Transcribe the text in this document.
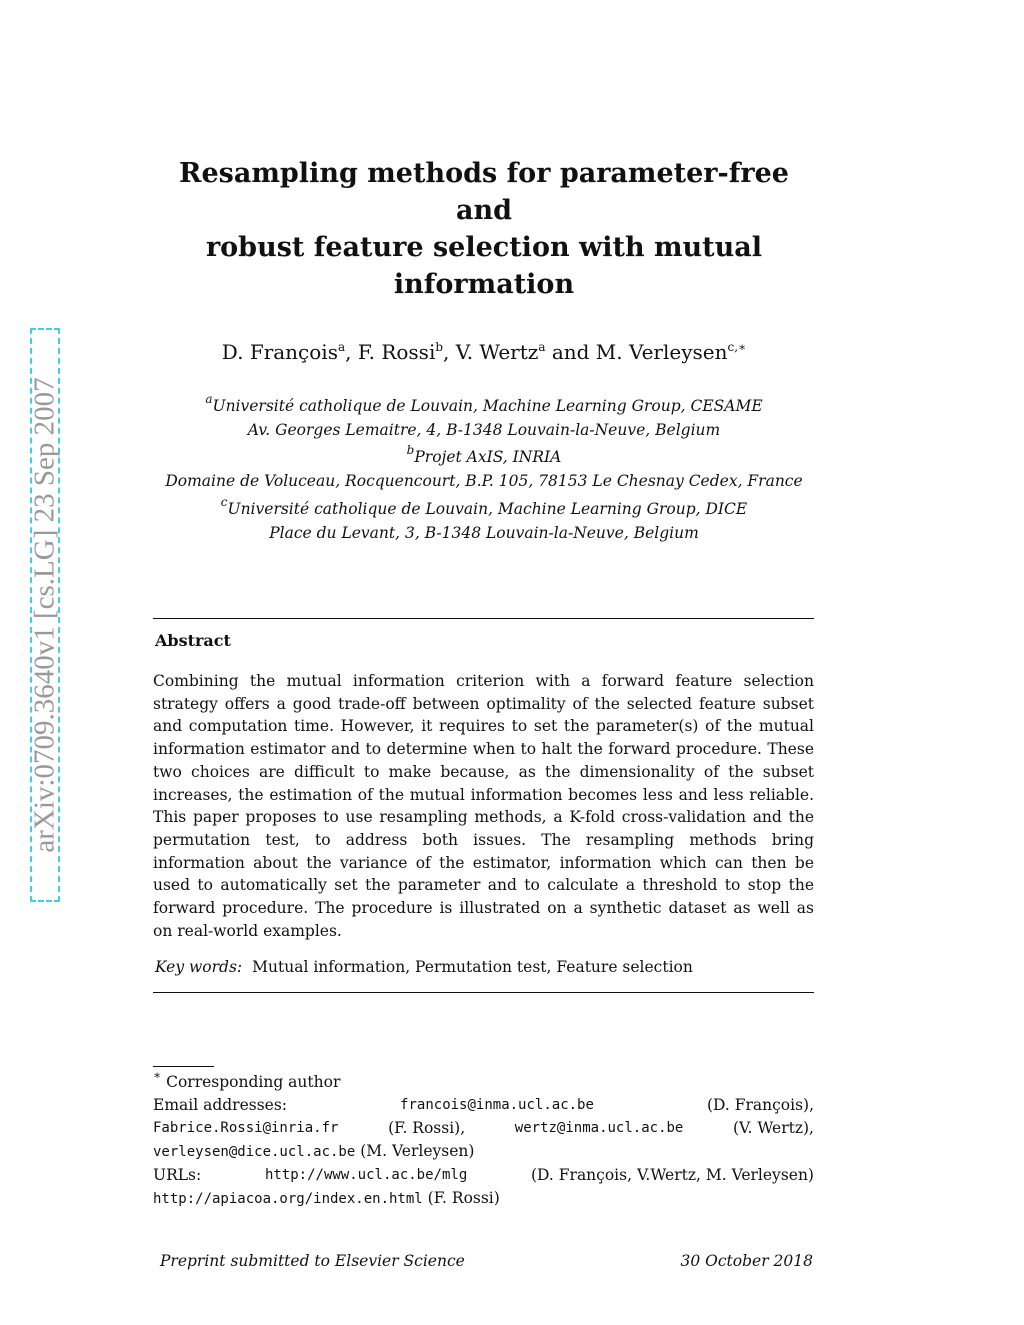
arXiv:0709.3640v1 [cs.LG] 23 Sep 2007
Resampling methods for parameter-free and
robust feature selection with mutual
information
D. François$^a$, F. Rossi$^b$, V. Wertz$^a$ and M. Verleysen$^{c,∗}$
$^a$Université catholique de Louvain, Machine Learning Group, CESAME
Av. Georges Lemaitre, 4, B-1348 Louvain-la-Neuve, Belgium
$^b$Projet AxIS, INRIA
Domaine de Voluceau, Rocquencourt, B.P. 105, 78153 Le Chesnay Cedex, France
$^c$Université catholique de Louvain, Machine Learning Group, DICE
Place du Levant, 3, B-1348 Louvain-la-Neuve, Belgium
Abstract
Combining the mutual information criterion with a forward feature selection strategy offers a good trade-off between optimality of the selected feature subset and computation time. However, it requires to set the parameter(s) of the mutual information estimator and to determine when to halt the forward procedure. These two choices are difficult to make because, as the dimensionality of the subset increases, the estimation of the mutual information becomes less and less reliable. This paper proposes to use resampling methods, a K-fold cross-validation and the permutation test, to address both issues. The resampling methods bring information about the variance of the estimator, information which can then be used to automatically set the parameter and to calculate a threshold to stop the forward procedure. The procedure is illustrated on a synthetic dataset as well as on real-world examples.
Key words: Mutual information, Permutation test, Feature selection
∗ Corresponding author
Email addresses:	francois@inma.ucl.ac.be	(D. François),
Fabrice.Rossi@inria.fr	(F. Rossi),	wertz@inma.ucl.ac.be	(V. Wertz),
verleysen@dice.ucl.ac.be (M. Verleysen)
URLs:	http://www.ucl.ac.be/mlg	(D. François, V.Wertz, M. Verleysen)
http://apiacoa.org/index.en.html (F. Rossi)
Preprint submitted to Elsevier Science	30 October 2018
